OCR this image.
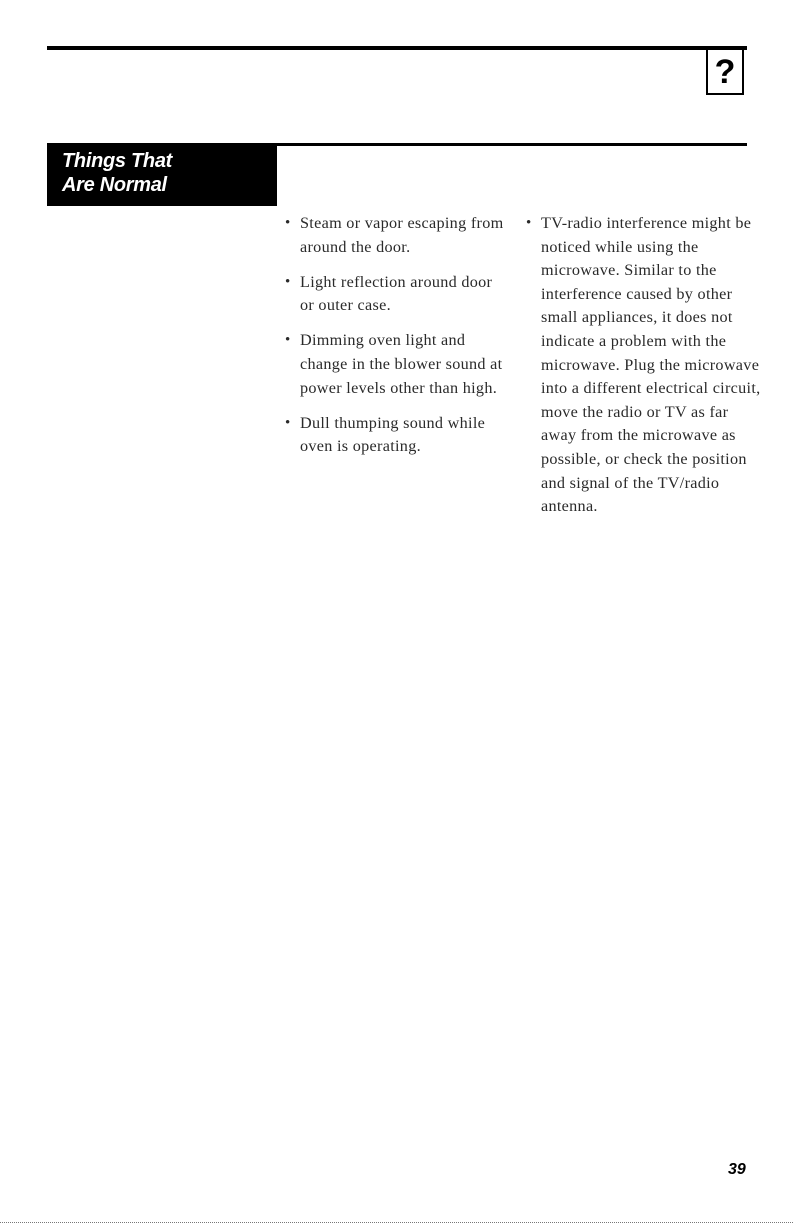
?
Things That
Are Normal
• Steam or vapor escaping from around the door.
• Light reflection around door or outer case.
• Dimming oven light and change in the blower sound at power levels other than high.
• Dull thumping sound while oven is operating.
• TV-radio interference might be noticed while using the microwave. Similar to the interference caused by other small appliances, it does not indicate a problem with the microwave. Plug the microwave into a different electrical circuit, move the radio or TV as far away from the microwave as possible, or check the position and signal of the TV/radio antenna.
39
